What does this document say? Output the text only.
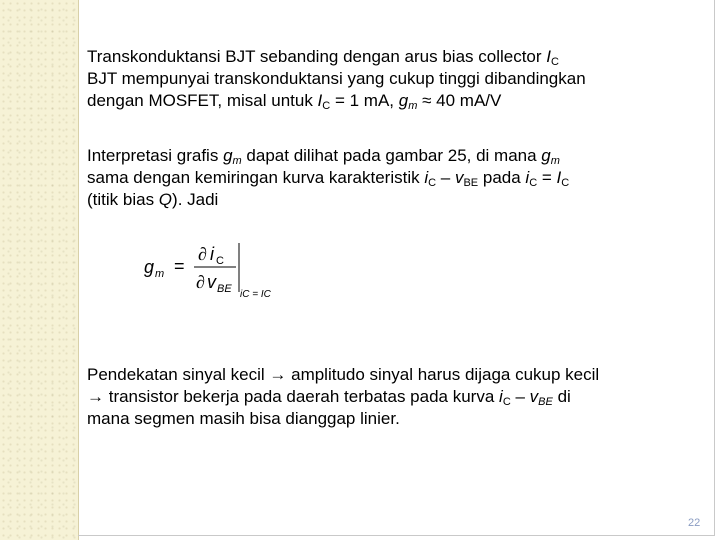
Transkonduktansi BJT sebanding dengan arus bias collector $I_C$
BJT mempunyai transkonduktansi yang cukup tinggi dibandingkan
dengan MOSFET, misal untuk $I_C = 1$ mA, $g_m \approx 40$ mA/V

Interpretasi grafis $g_m$ dapat dilihat pada gambar 25, di mana $g_m$
sama dengan kemiringan kurva karakteristik $i_C - v_{BE}$ pada $i_C = I_C$
(titik bias Q). Jadi

g m =
∂ i C
∂ v BE iC = IC

Pendekatan sinyal kecil → amplitudo sinyal harus dijaga cukup kecil
→ transistor bekerja pada daerah terbatas pada kurva $i_C - v_{BE}$ di
mana segmen masih bisa dianggap linier.

22
